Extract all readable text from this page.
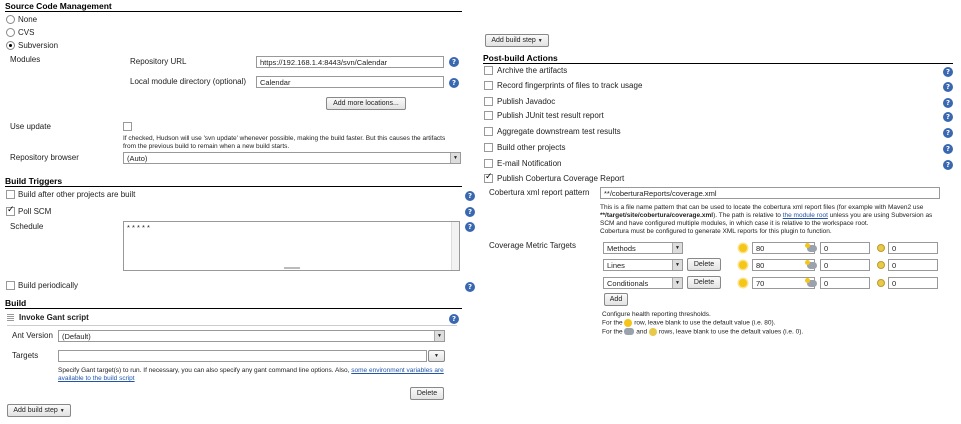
Source Code Management
None
CVS
Subversion
Modules	Repository URL	https://192.168.1.4:8443/svn/Calendar	?
Local module directory (optional)	Calendar	?
Add more locations...
Use update
If checked, Hudson will use 'svn update' whenever possible, making the build faster. But this causes the artifacts from the previous build to remain when a new build starts.
Repository browser	(Auto)	▼
Build Triggers
Build after other projects are built	?
✓
Poll SCM	?
Schedule	* * * * *	?
Build periodically	?
Build
Invoke Gant script	?
Ant Version	(Default)	▼
Targets	▼
Specify Gant target(s) to run. If necessary, you can also specify any gant command line options. Also, some environment variables are available to the build script
Delete
Add build step ▼
Add build step ▼
Post-build Actions
Archive the artifacts	?
Record fingerprints of files to track usage	?
Publish Javadoc	?
Publish JUnit test result report	?
Aggregate downstream test results	?
Build other projects	?
E-mail Notification	?
✓
Publish Cobertura Coverage Report
Cobertura xml report pattern	**/coberturaReports/coverage.xml
This is a file name pattern that can be used to locate the cobertura xml report files (for example with Maven2 use **/target/site/cobertura/coverage.xml). The path is relative to the module root unless you are using Subversion as SCM and have configured multiple modules, in which case it is relative to the workspace root.
Cobertura must be configured to generate XML reports for this plugin to function.
Coverage Metric Targets	Methods	▼	80	0	0
Lines	▼	Delete	80	0	0
Conditionals	▼	Delete	70	0	0
Add
Configure health reporting thresholds.
For the row, leave blank to use the default value (i.e. 80).
For the and rows, leave blank to use the default values (i.e. 0).
